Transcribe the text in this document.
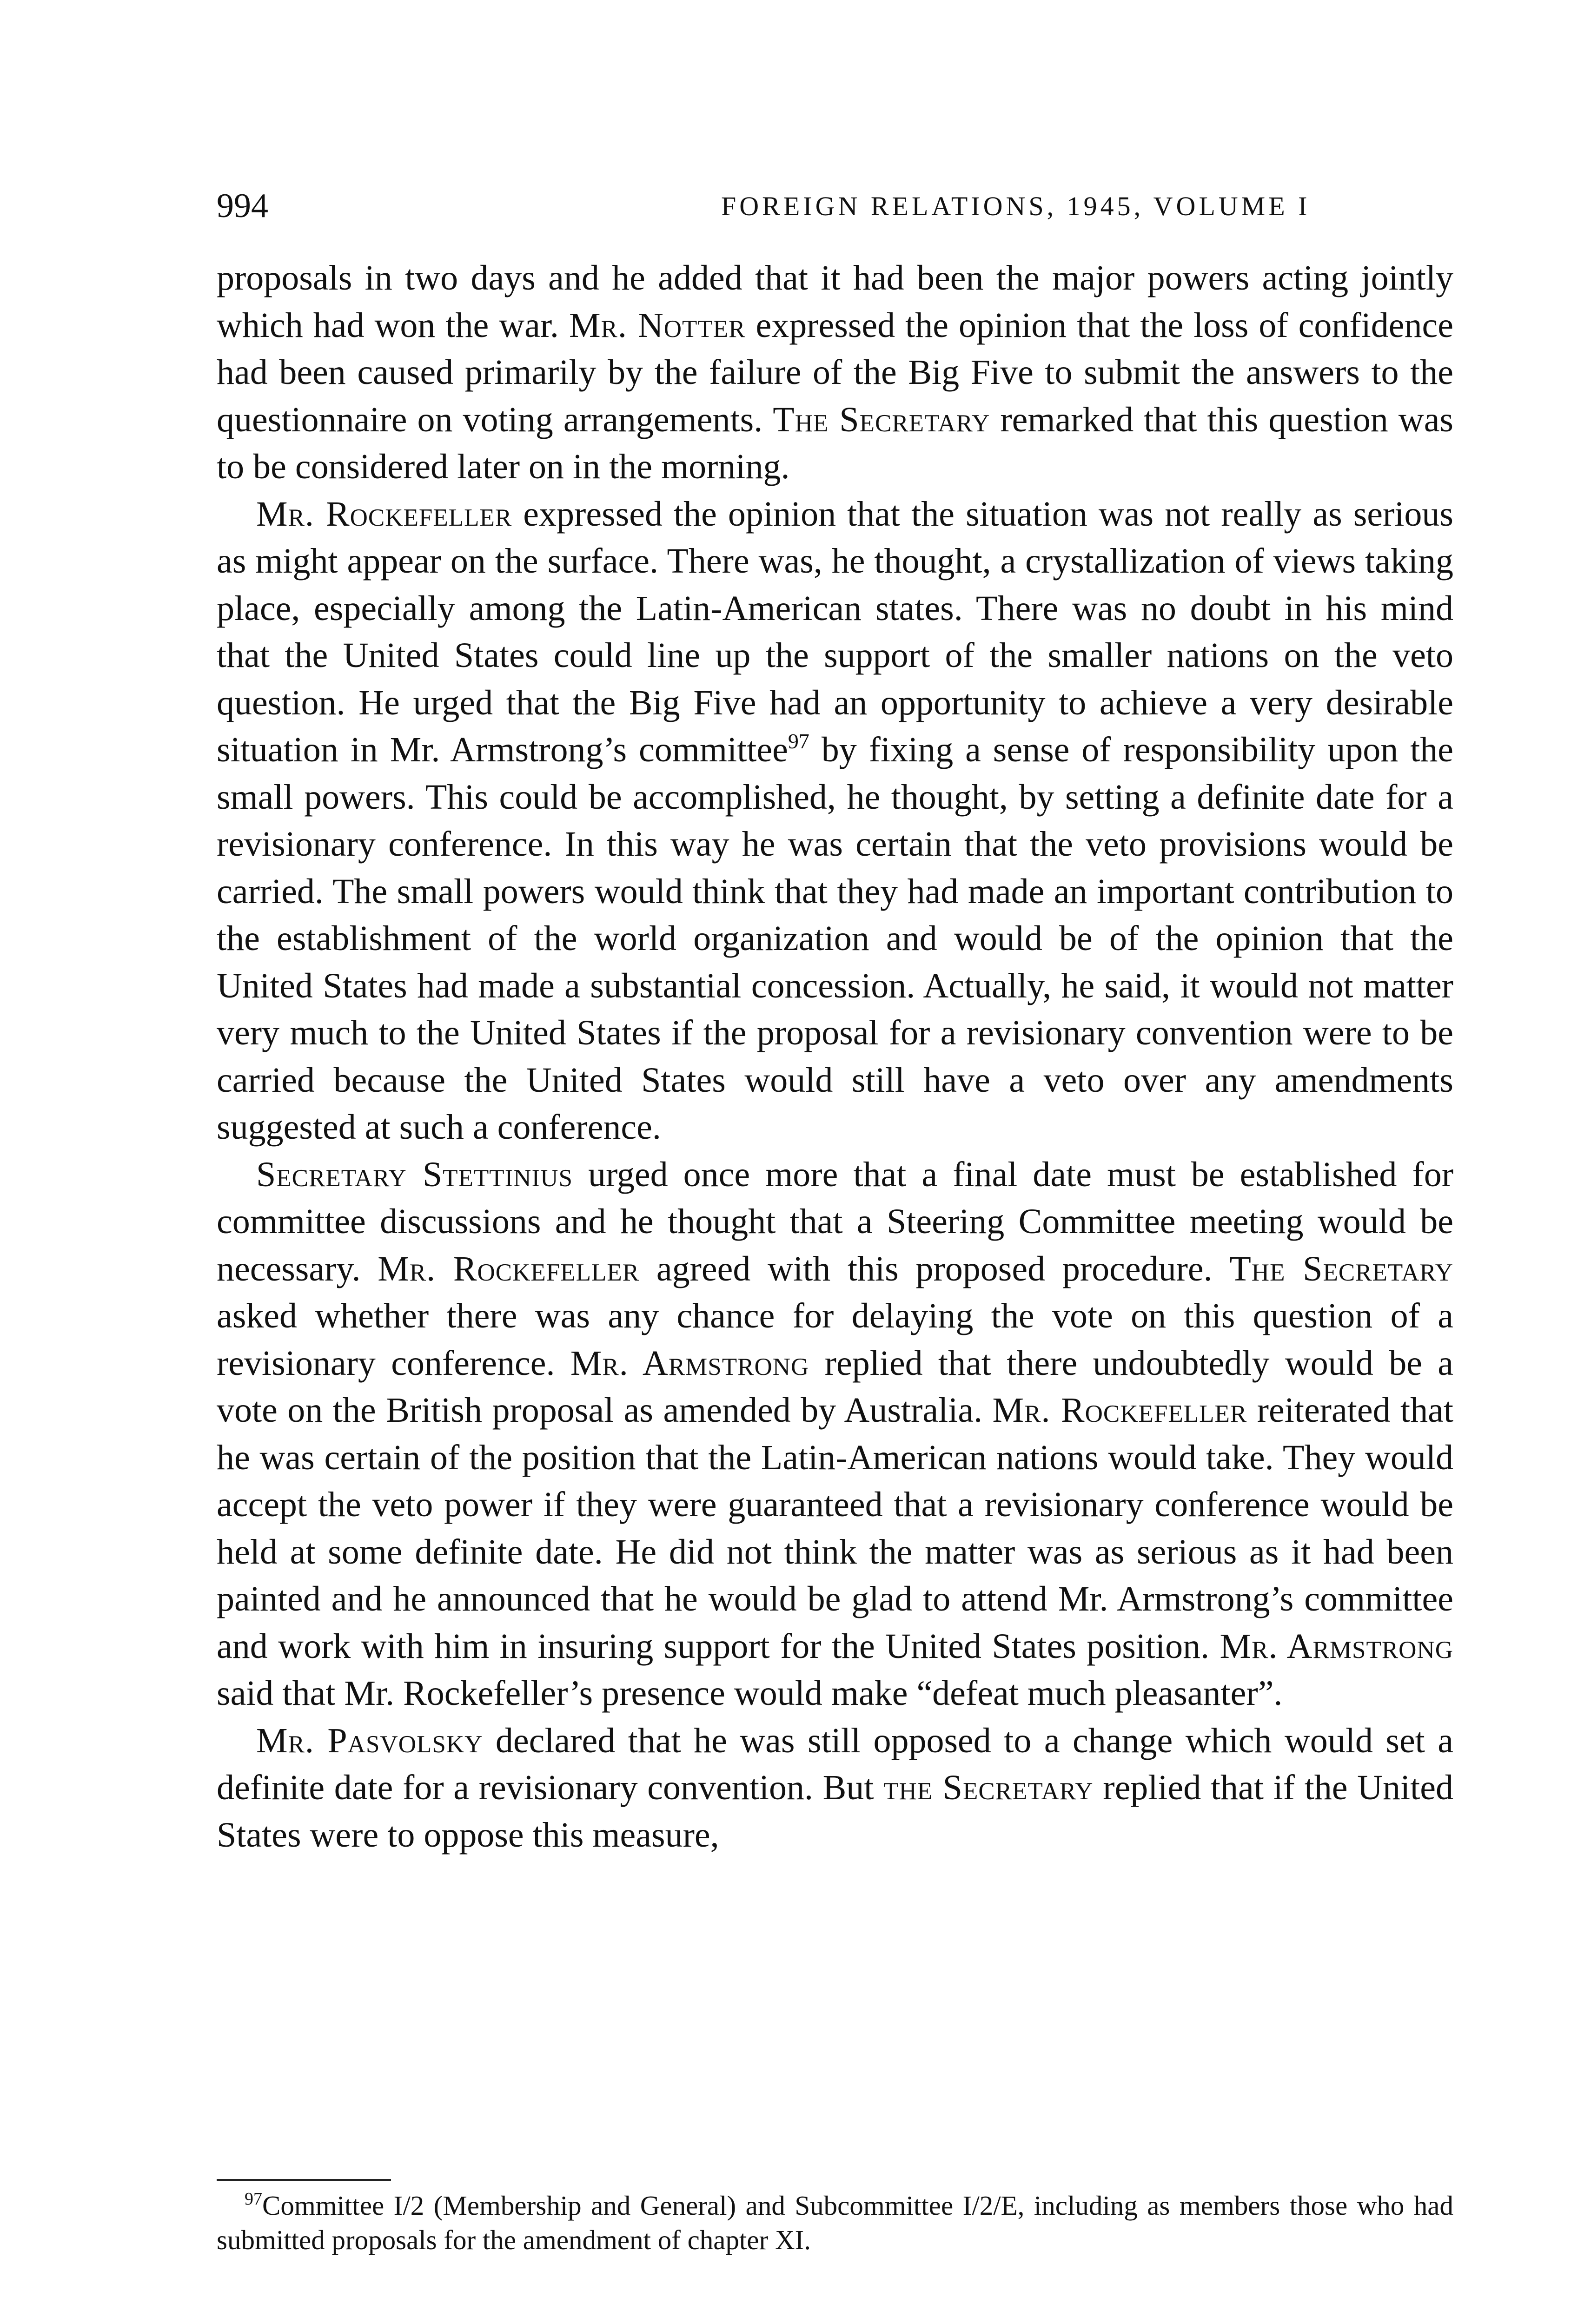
994	FOREIGN RELATIONS, 1945, VOLUME I

proposals in two days and he added that it had been the major powers acting jointly which had won the war. Mr. Notter expressed the opinion that the loss of confidence had been caused primarily by the failure of the Big Five to submit the answers to the questionnaire on voting arrangements. The Secretary remarked that this question was to be considered later on in the morning.

Mr. Rockefeller expressed the opinion that the situation was not really as serious as might appear on the surface. There was, he thought, a crystallization of views taking place, especially among the Latin-American states. There was no doubt in his mind that the United States could line up the support of the smaller nations on the veto question. He urged that the Big Five had an opportunity to achieve a very desirable situation in Mr. Armstrong’s committee$^{97}$ by fixing a sense of responsibility upon the small powers. This could be accomplished, he thought, by setting a definite date for a revisionary conference. In this way he was certain that the veto provisions would be carried. The small powers would think that they had made an important contribution to the establishment of the world organization and would be of the opinion that the United States had made a substantial concession. Actually, he said, it would not matter very much to the United States if the proposal for a revisionary convention were to be carried because the United States would still have a veto over any amendments suggested at such a conference.

Secretary Stettinius urged once more that a final date must be established for committee discussions and he thought that a Steering Committee meeting would be necessary. Mr. Rockefeller agreed with this proposed procedure. The Secretary asked whether there was any chance for delaying the vote on this question of a revisionary conference. Mr. Armstrong replied that there undoubtedly would be a vote on the British proposal as amended by Australia. Mr. Rockefeller reiterated that he was certain of the position that the Latin-American nations would take. They would accept the veto power if they were guaranteed that a revisionary conference would be held at some definite date. He did not think the matter was as serious as it had been painted and he announced that he would be glad to attend Mr. Armstrong’s committee and work with him in insuring support for the United States position. Mr. Armstrong said that Mr. Rockefeller’s presence would make “defeat much pleasanter”.

Mr. Pasvolsky declared that he was still opposed to a change which would set a definite date for a revisionary convention. But the Secretary replied that if the United States were to oppose this measure,

$^{97}$Committee I/2 (Membership and General) and Subcommittee I/2/E, including as members those who had submitted proposals for the amendment of chapter XI.
